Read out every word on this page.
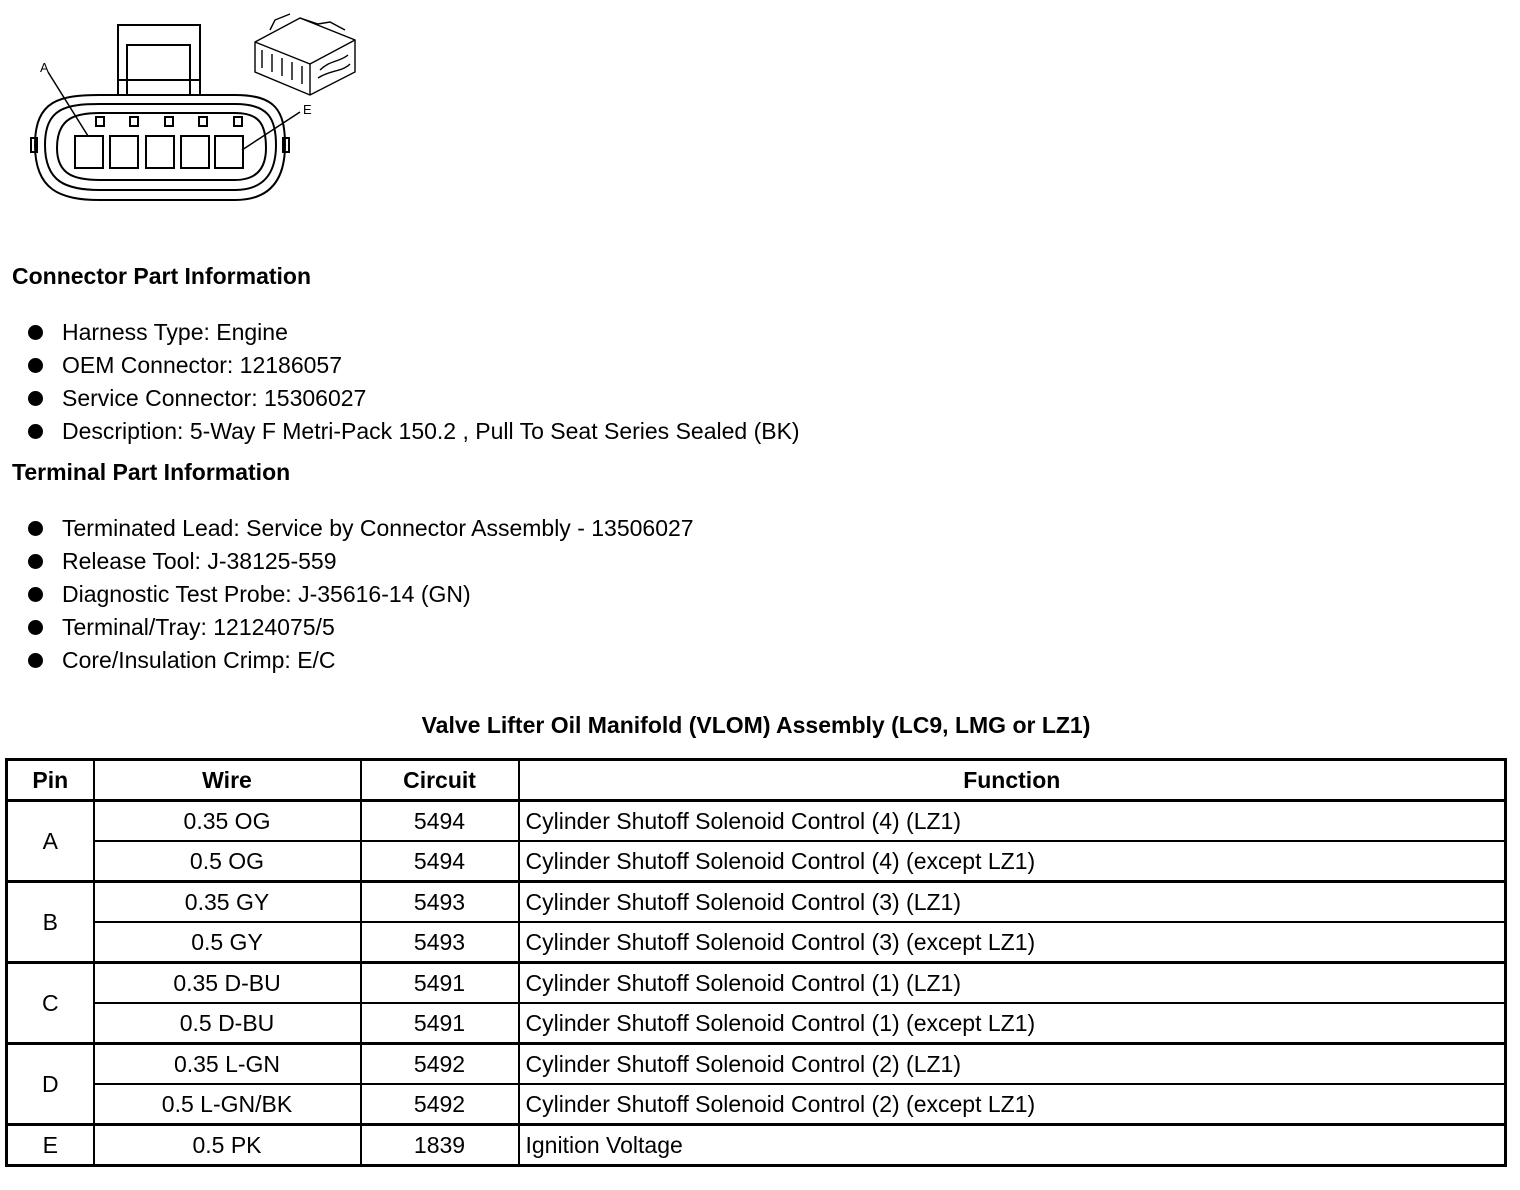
A
E
Connector Part Information
Harness Type: Engine
OEM Connector: 12186057
Service Connector: 15306027
Description: 5-Way F Metri-Pack 150.2 , Pull To Seat Series Sealed (BK)
Terminal Part Information
Terminated Lead: Service by Connector Assembly - 13506027
Release Tool: J-38125-559
Diagnostic Test Probe: J-35616-14 (GN)
Terminal/Tray: 12124075/5
Core/Insulation Crimp: E/C
Valve Lifter Oil Manifold (VLOM) Assembly (LC9, LMG or LZ1)
Pin	Wire	Circuit	Function
A	0.35 OG	5494	Cylinder Shutoff Solenoid Control (4) (LZ1)
	0.5 OG	5494	Cylinder Shutoff Solenoid Control (4) (except LZ1)
B	0.35 GY	5493	Cylinder Shutoff Solenoid Control (3) (LZ1)
	0.5 GY	5493	Cylinder Shutoff Solenoid Control (3) (except LZ1)
C	0.35 D-BU	5491	Cylinder Shutoff Solenoid Control (1) (LZ1)
	0.5 D-BU	5491	Cylinder Shutoff Solenoid Control (1) (except LZ1)
D	0.35 L-GN	5492	Cylinder Shutoff Solenoid Control (2) (LZ1)
	0.5 L-GN/BK	5492	Cylinder Shutoff Solenoid Control (2) (except LZ1)
E	0.5 PK	1839	Ignition Voltage
